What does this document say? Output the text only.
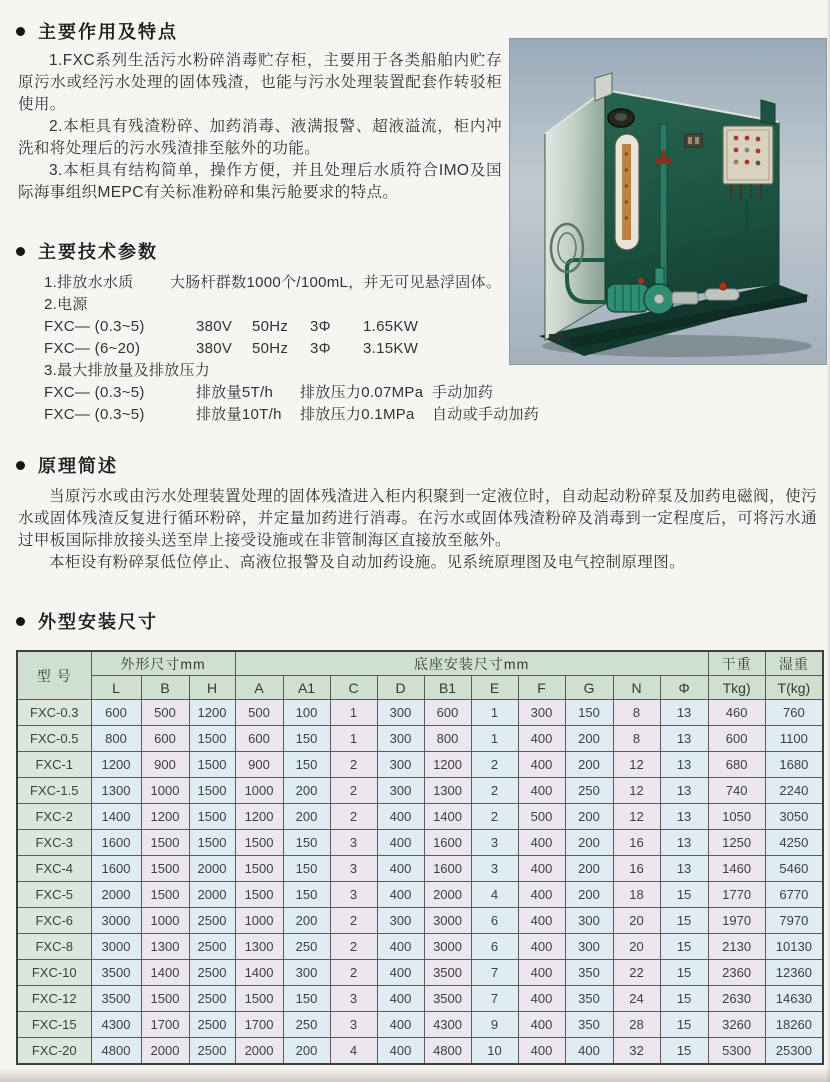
主要作用及特点

1.FXC系列生活污水粉碎消毒贮存柜，主要用于各类船舶内贮存原污水或经污水处理的固体残渣，也能与污水处理装置配套作转驳柜使用。

2.本柜具有残渣粉碎、加药消毒、液满报警、超液溢流，柜内冲洗和将处理后的污水残渣排至舷外的功能。

3.本柜具有结构简单，操作方便，并且处理后水质符合IMO及国际海事组织MEPC有关标准粉碎和集污舱要求的特点。

主要技术参数
1.排放水水质	大肠杆群数1000个/100mL，并无可见悬浮固体。
2.电源
FXC— (0.3~5)	380V	50Hz	3Φ	1.65KW
FXC— (6~20)	380V	50Hz	3Φ	3.15KW
3.最大排放量及排放压力
FXC— (0.3~5)	排放量5T/h	排放压力0.07MPa 手动加药
FXC— (0.3~5)	排放量10T/h	排放压力0.1MPa	自动或手动加药
原理简述

当原污水或由污水处理装置处理的固体残渣进入柜内积聚到一定液位时，自动起动粉碎泵及加药电磁阀，使污水或固体残渣反复进行循环粉碎，并定量加药进行消毒。在污水或固体残渣粉碎及消毒到一定程度后，可将污水通过甲板国际排放接头送至岸上接受设施或在非管制海区直接放至舷外。

本柜设有粉碎泵低位停止、高液位报警及自动加药设施。见系统原理图及电气控制原理图。

外型安装尺寸
型 号	外形尺寸mm			底座安装尺寸mm										干重	湿重
	L	B	H	A	A1	C	D	B1	E	F	G	N	Φ	Tkg)	T(kg)
FXC-0.3	600	500	1200	500	100	1	300	600	1	300	150	8	13	460	760
FXC-0.5	800	600	1500	600	150	1	300	800	1	400	200	8	13	600	1100
FXC-1	1200	900	1500	900	150	2	300	1200	2	400	200	12	13	680	1680
FXC-1.5	1300	1000	1500	1000	200	2	300	1300	2	400	250	12	13	740	2240
FXC-2	1400	1200	1500	1200	200	2	400	1400	2	500	200	12	13	1050	3050
FXC-3	1600	1500	1500	1500	150	3	400	1600	3	400	200	16	13	1250	4250
FXC-4	1600	1500	2000	1500	150	3	400	1600	3	400	200	16	13	1460	5460
FXC-5	2000	1500	2000	1500	150	3	400	2000	4	400	200	18	15	1770	6770
FXC-6	3000	1000	2500	1000	200	2	300	3000	6	400	300	20	15	1970	7970
FXC-8	3000	1300	2500	1300	250	2	400	3000	6	400	300	20	15	2130	10130
FXC-10	3500	1400	2500	1400	300	2	400	3500	7	400	350	22	15	2360	12360
FXC-12	3500	1500	2500	1500	150	3	400	3500	7	400	350	24	15	2630	14630
FXC-15	4300	1700	2500	1700	250	3	400	4300	9	400	350	28	15	3260	18260
FXC-20	4800	2000	2500	2000	200	4	400	4800	10	400	400	32	15	5300	25300
